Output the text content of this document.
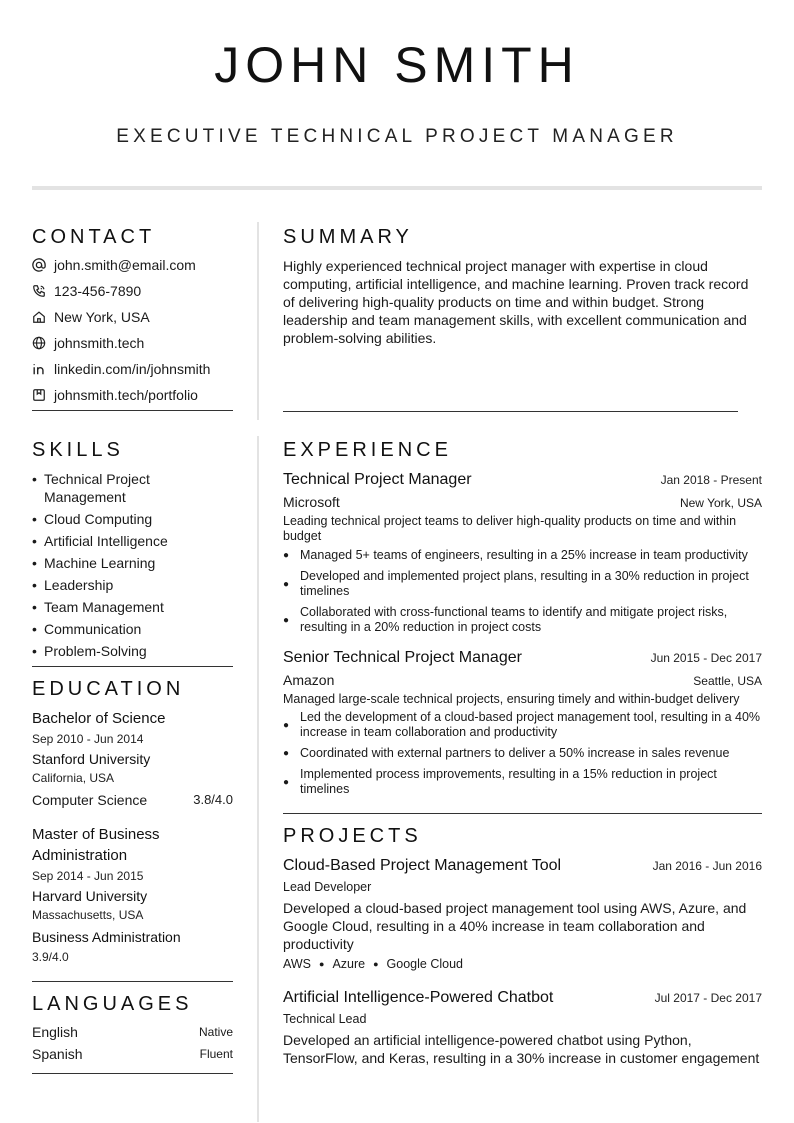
JOHN SMITH
EXECUTIVE TECHNICAL PROJECT MANAGER
CONTACT
john.smith@email.com
123-456-7890
New York, USA
johnsmith.tech
linkedin.com/in/johnsmith
johnsmith.tech/portfolio
SUMMARY
Highly experienced technical project manager with expertise in cloud computing, artificial intelligence, and machine learning. Proven track record of delivering high-quality products on time and within budget. Strong leadership and team management skills, with excellent communication and problem-solving abilities.
SKILLS
• Technical Project Management
• Cloud Computing
• Artificial Intelligence
• Machine Learning
• Leadership
• Team Management
• Communication
• Problem-Solving
EDUCATION
Bachelor of Science
Sep 2010 - Jun 2014
Stanford University
California, USA
Computer Science	3.8/4.0
Master of Business Administration
Sep 2014 - Jun 2015
Harvard University
Massachusetts, USA
Business Administration
3.9/4.0
LANGUAGES
English	Native
Spanish	Fluent
EXPERIENCE
Technical Project Manager	Jan 2018 - Present
Microsoft	New York, USA
Leading technical project teams to deliver high-quality products on time and within budget
● Managed 5+ teams of engineers, resulting in a 25% increase in team productivity
●
Developed and implemented project plans, resulting in a 30% reduction in project timelines
●
Collaborated with cross-functional teams to identify and mitigate project risks, resulting in a 20% reduction in project costs
Senior Technical Project Manager	Jun 2015 - Dec 2017
Amazon	Seattle, USA
Managed large-scale technical projects, ensuring timely and within-budget delivery
●
Led the development of a cloud-based project management tool, resulting in a 40% increase in team collaboration and productivity
● Coordinated with external partners to deliver a 50% increase in sales revenue
●
Implemented process improvements, resulting in a 15% reduction in project timelines
PROJECTS
Cloud-Based Project Management Tool	Jan 2016 - Jun 2016
Lead Developer
Developed a cloud-based project management tool using AWS, Azure, and Google Cloud, resulting in a 40% increase in team collaboration and productivity
AWS ● Azure ● Google Cloud
Artificial Intelligence-Powered Chatbot	Jul 2017 - Dec 2017
Technical Lead
Developed an artificial intelligence-powered chatbot using Python, TensorFlow, and Keras, resulting in a 30% increase in customer engagement
